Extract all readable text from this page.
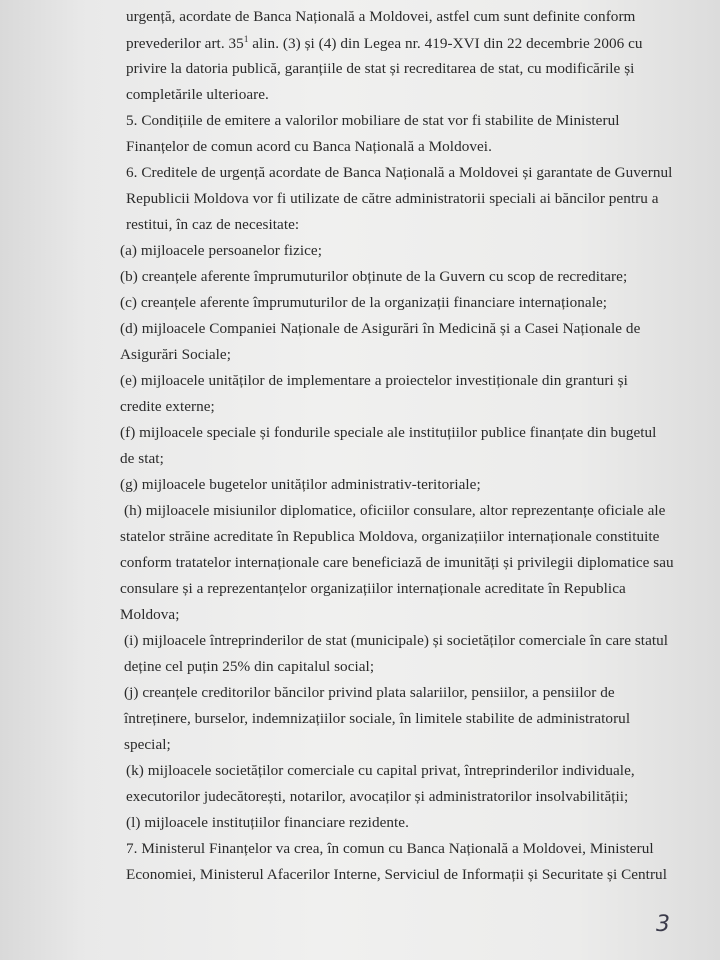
urgență, acordate de Banca Națională a Moldovei, astfel cum sunt definite conform
prevederilor art. $35^1$ alin. (3) și (4) din Legea nr. 419-XVI din 22 decembrie 2006 cu
privire la datoria publică, garanțiile de stat și recreditarea de stat, cu modificările și
completările ulterioare.
5. Condițiile de emitere a valorilor mobiliare de stat vor fi stabilite de Ministerul
Finanțelor de comun acord cu Banca Națională a Moldovei.
6. Creditele de urgență acordate de Banca Națională a Moldovei și garantate de Guvernul
Republicii Moldova vor fi utilizate de către administratorii speciali ai băncilor pentru a
restitui, în caz de necesitate:
(a) mijloacele persoanelor fizice;
(b) creanțele aferente împrumuturilor obținute de la Guvern cu scop de recreditare;
(c) creanțele aferente împrumuturilor de la organizații financiare internaționale;
(d) mijloacele Companiei Naționale de Asigurări în Medicină și a Casei Naționale de
Asigurări Sociale;
(e) mijloacele unităților de implementare a proiectelor investiționale din granturi și
credite externe;
(f) mijloacele speciale și fondurile speciale ale instituțiilor publice finanțate din bugetul
de stat;
(g) mijloacele bugetelor unităților administrativ-teritoriale;
(h) mijloacele misiunilor diplomatice, oficiilor consulare, altor reprezentanțe oficiale ale
statelor străine acreditate în Republica Moldova, organizațiilor internaționale constituite
conform tratatelor internaționale care beneficiază de imunități și privilegii diplomatice sau
consulare și a reprezentanțelor organizațiilor internaționale acreditate în Republica
Moldova;
(i) mijloacele întreprinderilor de stat (municipale) și societăților comerciale în care statul
deține cel puțin 25% din capitalul social;
(j) creanțele creditorilor băncilor privind plata salariilor, pensiilor, a pensiilor de
întreținere, burselor, indemnizațiilor sociale, în limitele stabilite de administratorul
special;
(k) mijloacele societăților comerciale cu capital privat, întreprinderilor individuale,
executorilor judecătorești, notarilor, avocaților și administratorilor insolvabilității;
(l) mijloacele instituțiilor financiare rezidente.
7. Ministerul Finanțelor va crea, în comun cu Banca Națională a Moldovei, Ministerul
Economiei, Ministerul Afacerilor Interne, Serviciul de Informații și Securitate și Centrul
3
